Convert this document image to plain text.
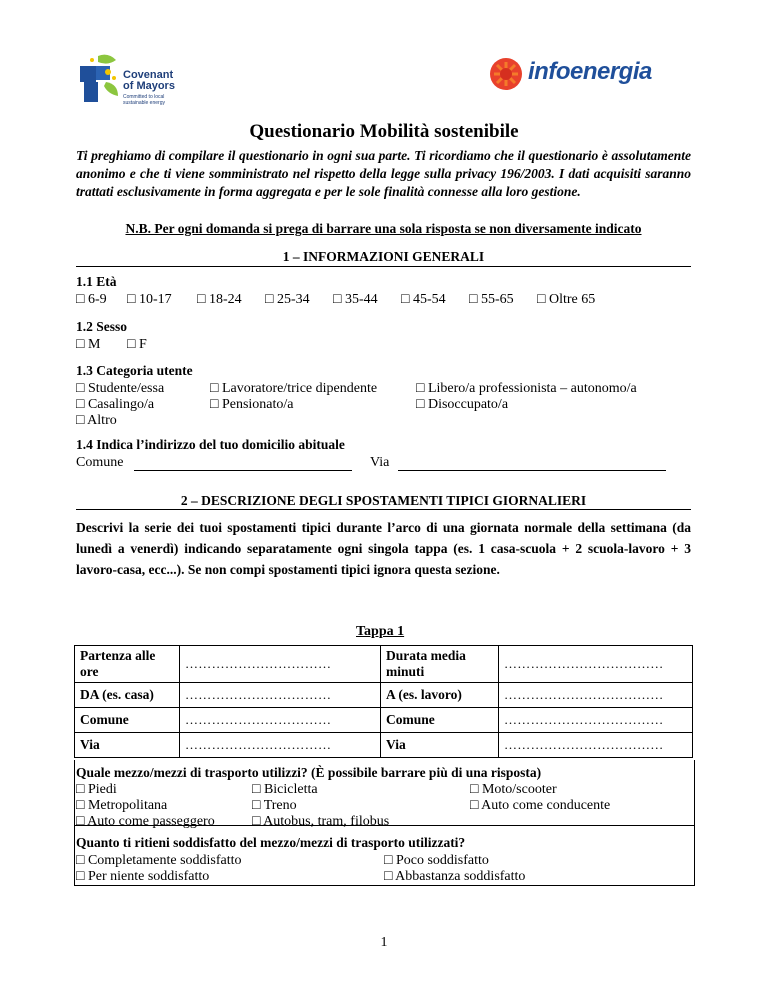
Covenant
of Mayors
Committed to local sustainable energy
infoenergia
Questionario Mobilità sostenibile
Ti preghiamo di compilare il questionario in ogni sua parte. Ti ricordiamo che il questionario è assolutamente anonimo e che ti viene somministrato nel rispetto della legge sulla privacy 196/2003. I dati acquisiti saranno trattati esclusivamente in forma aggregata e per le sole finalità connesse alla loro gestione.
N.B. Per ogni domanda si prega di barrare una sola risposta se non diversamente indicato
1 – INFORMAZIONI GENERALI
1.1 Età
□ 6-9 □ 10-17 □ 18-24 □ 25-34 □ 35-44 □ 45-54 □ 55-65 □ Oltre 65
1.2 Sesso
□ M □ F
1.3 Categoria utente
□ Studente/essa	□ Lavoratore/trice dipendente	□ Libero/a professionista – autonomo/a
□ Casalingo/a	□ Pensionato/a	□ Disoccupato/a
□ Altro
1.4 Indica l’indirizzo del tuo domicilio abituale
Comune	Via
2 – DESCRIZIONE DEGLI SPOSTAMENTI TIPICI GIORNALIERI
Descrivi la serie dei tuoi spostamenti tipici durante l’arco di una giornata normale della settimana (da lunedì a venerdì) indicando separatamente ogni singola tappa (es. 1 casa-scuola + 2 scuola-lavoro + 3 lavoro-casa, ecc...). Se non compi spostamenti tipici ignora questa sezione.
Tappa 1
Partenza alle ore	……………………………	Durata media minuti	………………………………
DA (es. casa)	……………………………	A (es. lavoro)	………………………………
Comune	……………………………	Comune	………………………………
Via	……………………………	Via	………………………………
Quale mezzo/mezzi di trasporto utilizzi? (È possibile barrare più di una risposta)
□ Piedi	□ Bicicletta	□ Moto/scooter
□ Metropolitana	□ Treno	□ Auto come conducente
□ Auto come passeggero	□ Autobus, tram, filobus
Quanto ti ritieni soddisfatto del mezzo/mezzi di trasporto utilizzati?
□ Completamente soddisfatto	□ Poco soddisfatto
□ Per niente soddisfatto	□ Abbastanza soddisfatto
1
